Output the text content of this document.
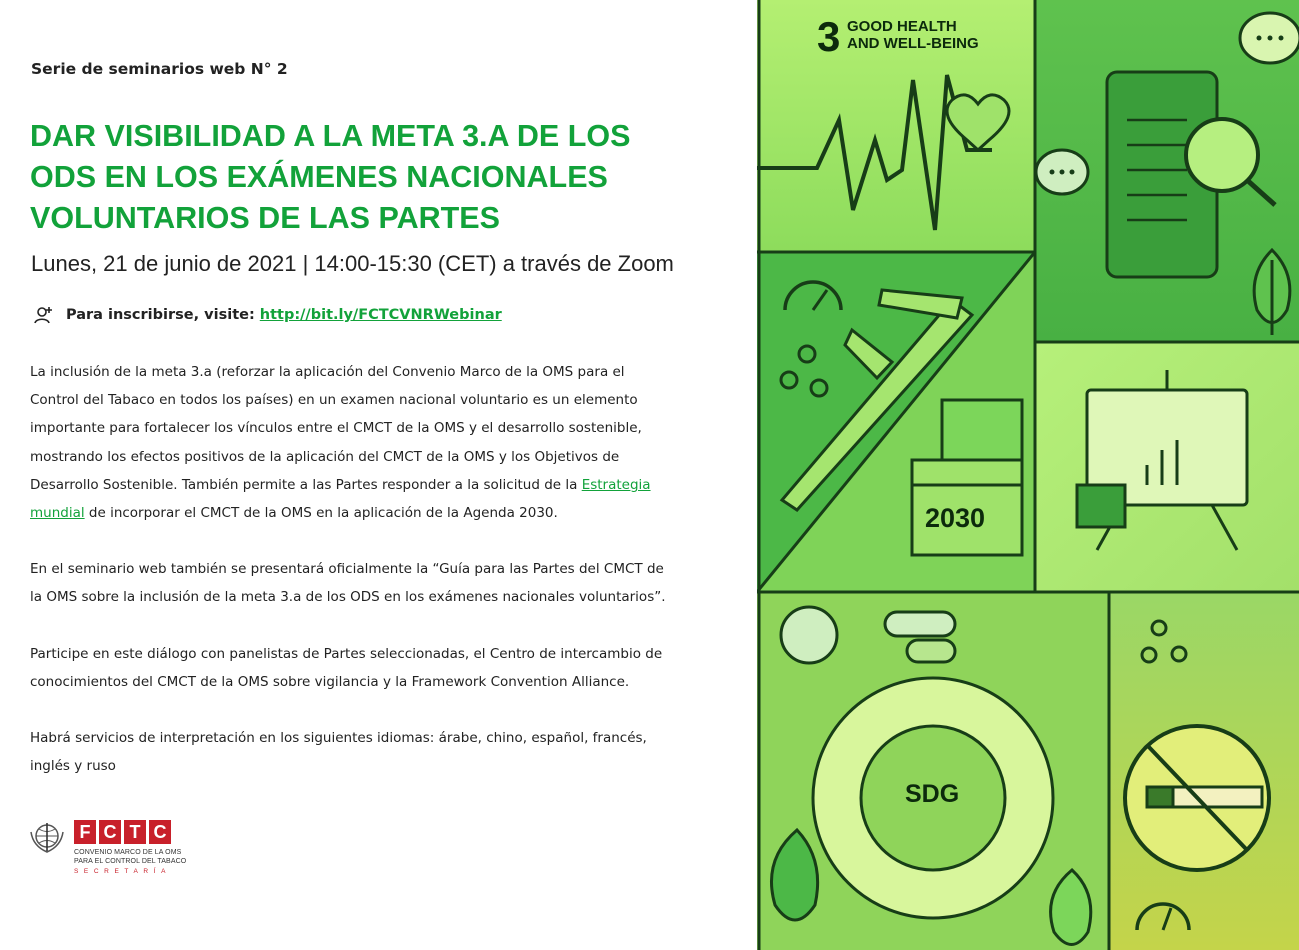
Serie de seminarios web N° 2
DAR VISIBILIDAD A LA META 3.A DE LOS
ODS EN LOS EXÁMENES NACIONALES
VOLUNTARIOS DE LAS PARTES
Lunes, 21 de junio de 2021 | 14:00-15:30 (CET) a través de Zoom
Para inscribirse, visite: http://bit.ly/FCTCVNRWebinar

La inclusión de la meta 3.a (reforzar la aplicación del Convenio Marco de la OMS para el
Control del Tabaco en todos los países) en un examen nacional voluntario es un elemento
importante para fortalecer los vínculos entre el CMCT de la OMS y el desarrollo sostenible,
mostrando los efectos positivos de la aplicación del CMCT de la OMS y los Objetivos de
Desarrollo Sostenible. También permite a las Partes responder a la solicitud de la Estrategia
mundial de incorporar el CMCT de la OMS en la aplicación de la Agenda 2030.

En el seminario web también se presentará oficialmente la “Guía para las Partes del CMCT de
la OMS sobre la inclusión de la meta 3.a de los ODS en los exámenes nacionales voluntarios”.

Participe en este diálogo con panelistas de Partes seleccionadas, el Centro de intercambio de
conocimientos del CMCT de la OMS sobre vigilancia y la Framework Convention Alliance.

Habrá servicios de interpretación en los siguientes idiomas: árabe, chino, español, francés,
inglés y ruso

F C T C
CONVENIO MARCO DE LA OMS
PARA EL CONTROL DEL TABACO
SECRETARÍA
3 GOOD HEALTH
AND WELL-BEING
2030
SDG
